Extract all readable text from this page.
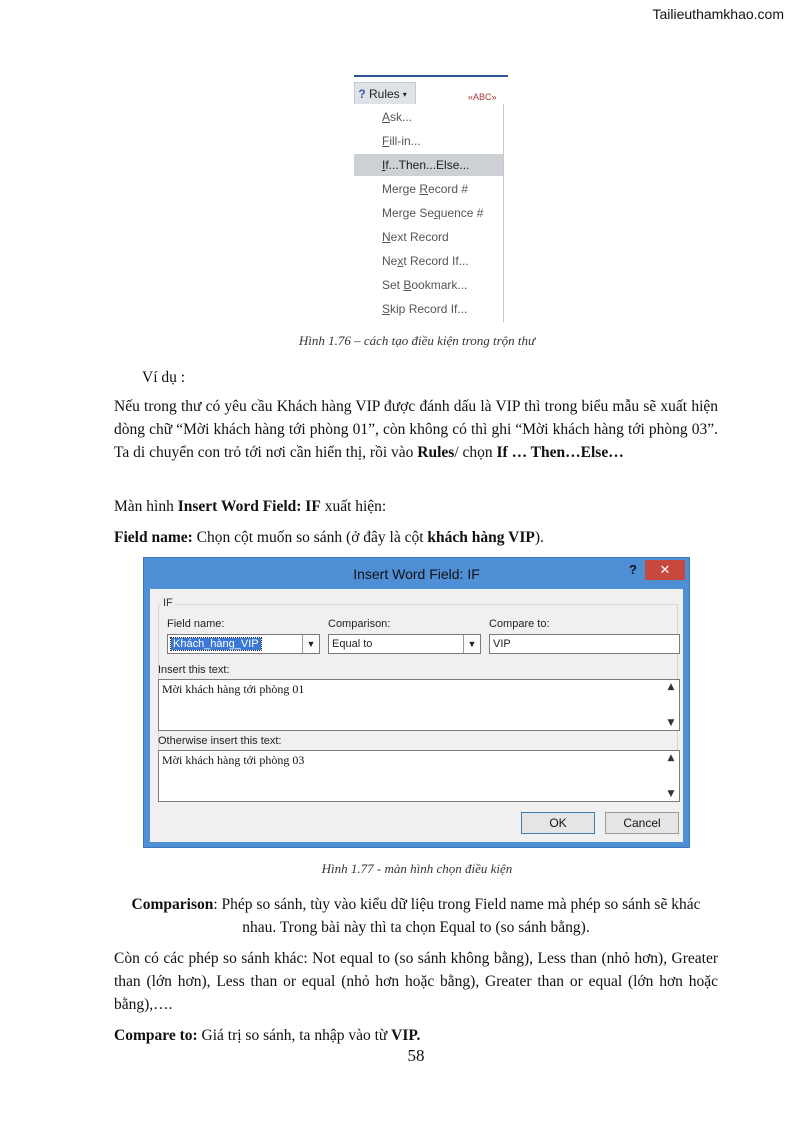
Tailieuthamkhao.com
? Rules ▾	«ABC»
Ask...
Fill-in...
If...Then...Else...
Merge Record #
Merge Sequence #
Next Record
Next Record If...
Set Bookmark...
Skip Record If...
Hình 1.76 – cách tạo điều kiện trong trộn thư
Ví dụ :
Nếu trong thư có yêu cầu Khách hàng VIP được đánh dấu là VIP thì trong biểu mẫu sẽ xuất hiện dòng chữ “Mời khách hàng tới phòng 01”, còn không có thì ghi “Mời khách hàng tới phòng 03”. Ta di chuyển con trỏ tới nơi cần hiển thị, rồi vào Rules/ chọn If … Then…Else…
Màn hình Insert Word Field: IF xuất hiện:
Field name: Chọn cột muốn so sánh (ở đây là cột khách hàng VIP).
Insert Word Field: IF	?	✕
IF
Field name:
Khách_hàng_VIP	▼
Comparison:
Equal to	▼
Compare to:
VIP
Insert this text:
Mời khách hàng tới phòng 01	▲
▼
Otherwise insert this text:
Mời khách hàng tới phòng 03	▲
▼
OK	Cancel
Hình 1.77 - màn hình chọn điều kiện
Comparison: Phép so sánh, tùy vào kiểu dữ liệu trong Field name mà phép so sánh sẽ khác nhau. Trong bài này thì ta chọn Equal to (so sánh bằng).
Còn có các phép so sánh khác: Not equal to (so sánh không bằng), Less than (nhỏ hơn), Greater than (lớn hơn), Less than or equal (nhỏ hơn hoặc bằng), Greater than or equal (lớn hơn hoặc bằng),….
Compare to: Giá trị so sánh, ta nhập vào từ VIP.
58
